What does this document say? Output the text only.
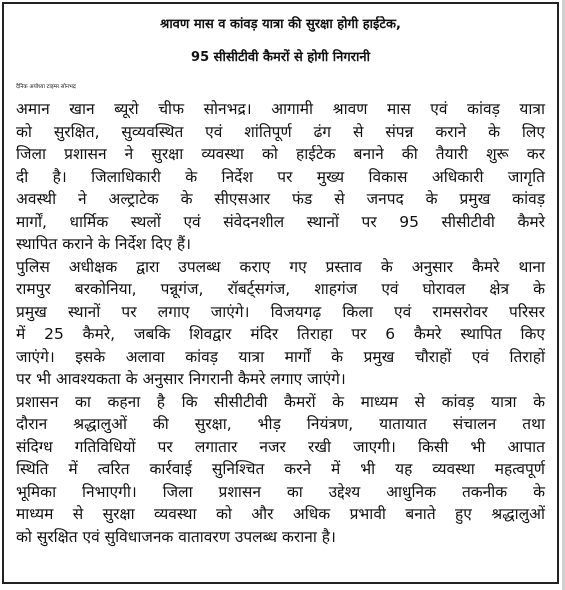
श्रावण मास व कांवड़ यात्रा की सुरक्षा होगी हाईटेक,
95 सीसीटीवी कैमरों से होगी निगरानी
दैनिक अयोध्या टाइम्स सोनभद्र

अमान खान ब्यूरो चीफ सोनभद्र। आगामी श्रावण मास एवं कांवड़ यात्रा
को सुरक्षित, सुव्यवस्थित एवं शांतिपूर्ण ढंग से संपन्न कराने के लिए
जिला प्रशासन ने सुरक्षा व्यवस्था को हाईटेक बनाने की तैयारी शुरू कर
दी है। जिलाधिकारी के निर्देश पर मुख्य विकास अधिकारी जागृति
अवस्थी ने अल्ट्राटेक के सीएसआर फंड से जनपद के प्रमुख कांवड़
मार्गों, धार्मिक स्थलों एवं संवेदनशील स्थानों पर 95 सीसीटीवी कैमरे
स्थापित कराने के निर्देश दिए हैं।

पुलिस अधीक्षक द्वारा उपलब्ध कराए गए प्रस्ताव के अनुसार कैमरे थाना
रामपुर बरकोनिया, पन्नूगंज, रॉबर्ट्सगंज, शाहगंज एवं घोरावल क्षेत्र के
प्रमुख स्थानों पर लगाए जाएंगे। विजयगढ़ किला एवं रामसरोवर परिसर
में 25 कैमरे, जबकि शिवद्वार मंदिर तिराहा पर 6 कैमरे स्थापित किए
जाएंगे। इसके अलावा कांवड़ यात्रा मार्गों के प्रमुख चौराहों एवं तिराहों
पर भी आवश्यकता के अनुसार निगरानी कैमरे लगाए जाएंगे।

प्रशासन का कहना है कि सीसीटीवी कैमरों के माध्यम से कांवड़ यात्रा के
दौरान श्रद्धालुओं की सुरक्षा, भीड़ नियंत्रण, यातायात संचालन तथा
संदिग्ध गतिविधियों पर लगातार नजर रखी जाएगी। किसी भी आपात
स्थिति में त्वरित कार्रवाई सुनिश्चित करने में भी यह व्यवस्था महत्वपूर्ण
भूमिका निभाएगी। जिला प्रशासन का उद्देश्य आधुनिक तकनीक के
माध्यम से सुरक्षा व्यवस्था को और अधिक प्रभावी बनाते हुए श्रद्धालुओं
को सुरक्षित एवं सुविधाजनक वातावरण उपलब्ध कराना है।
